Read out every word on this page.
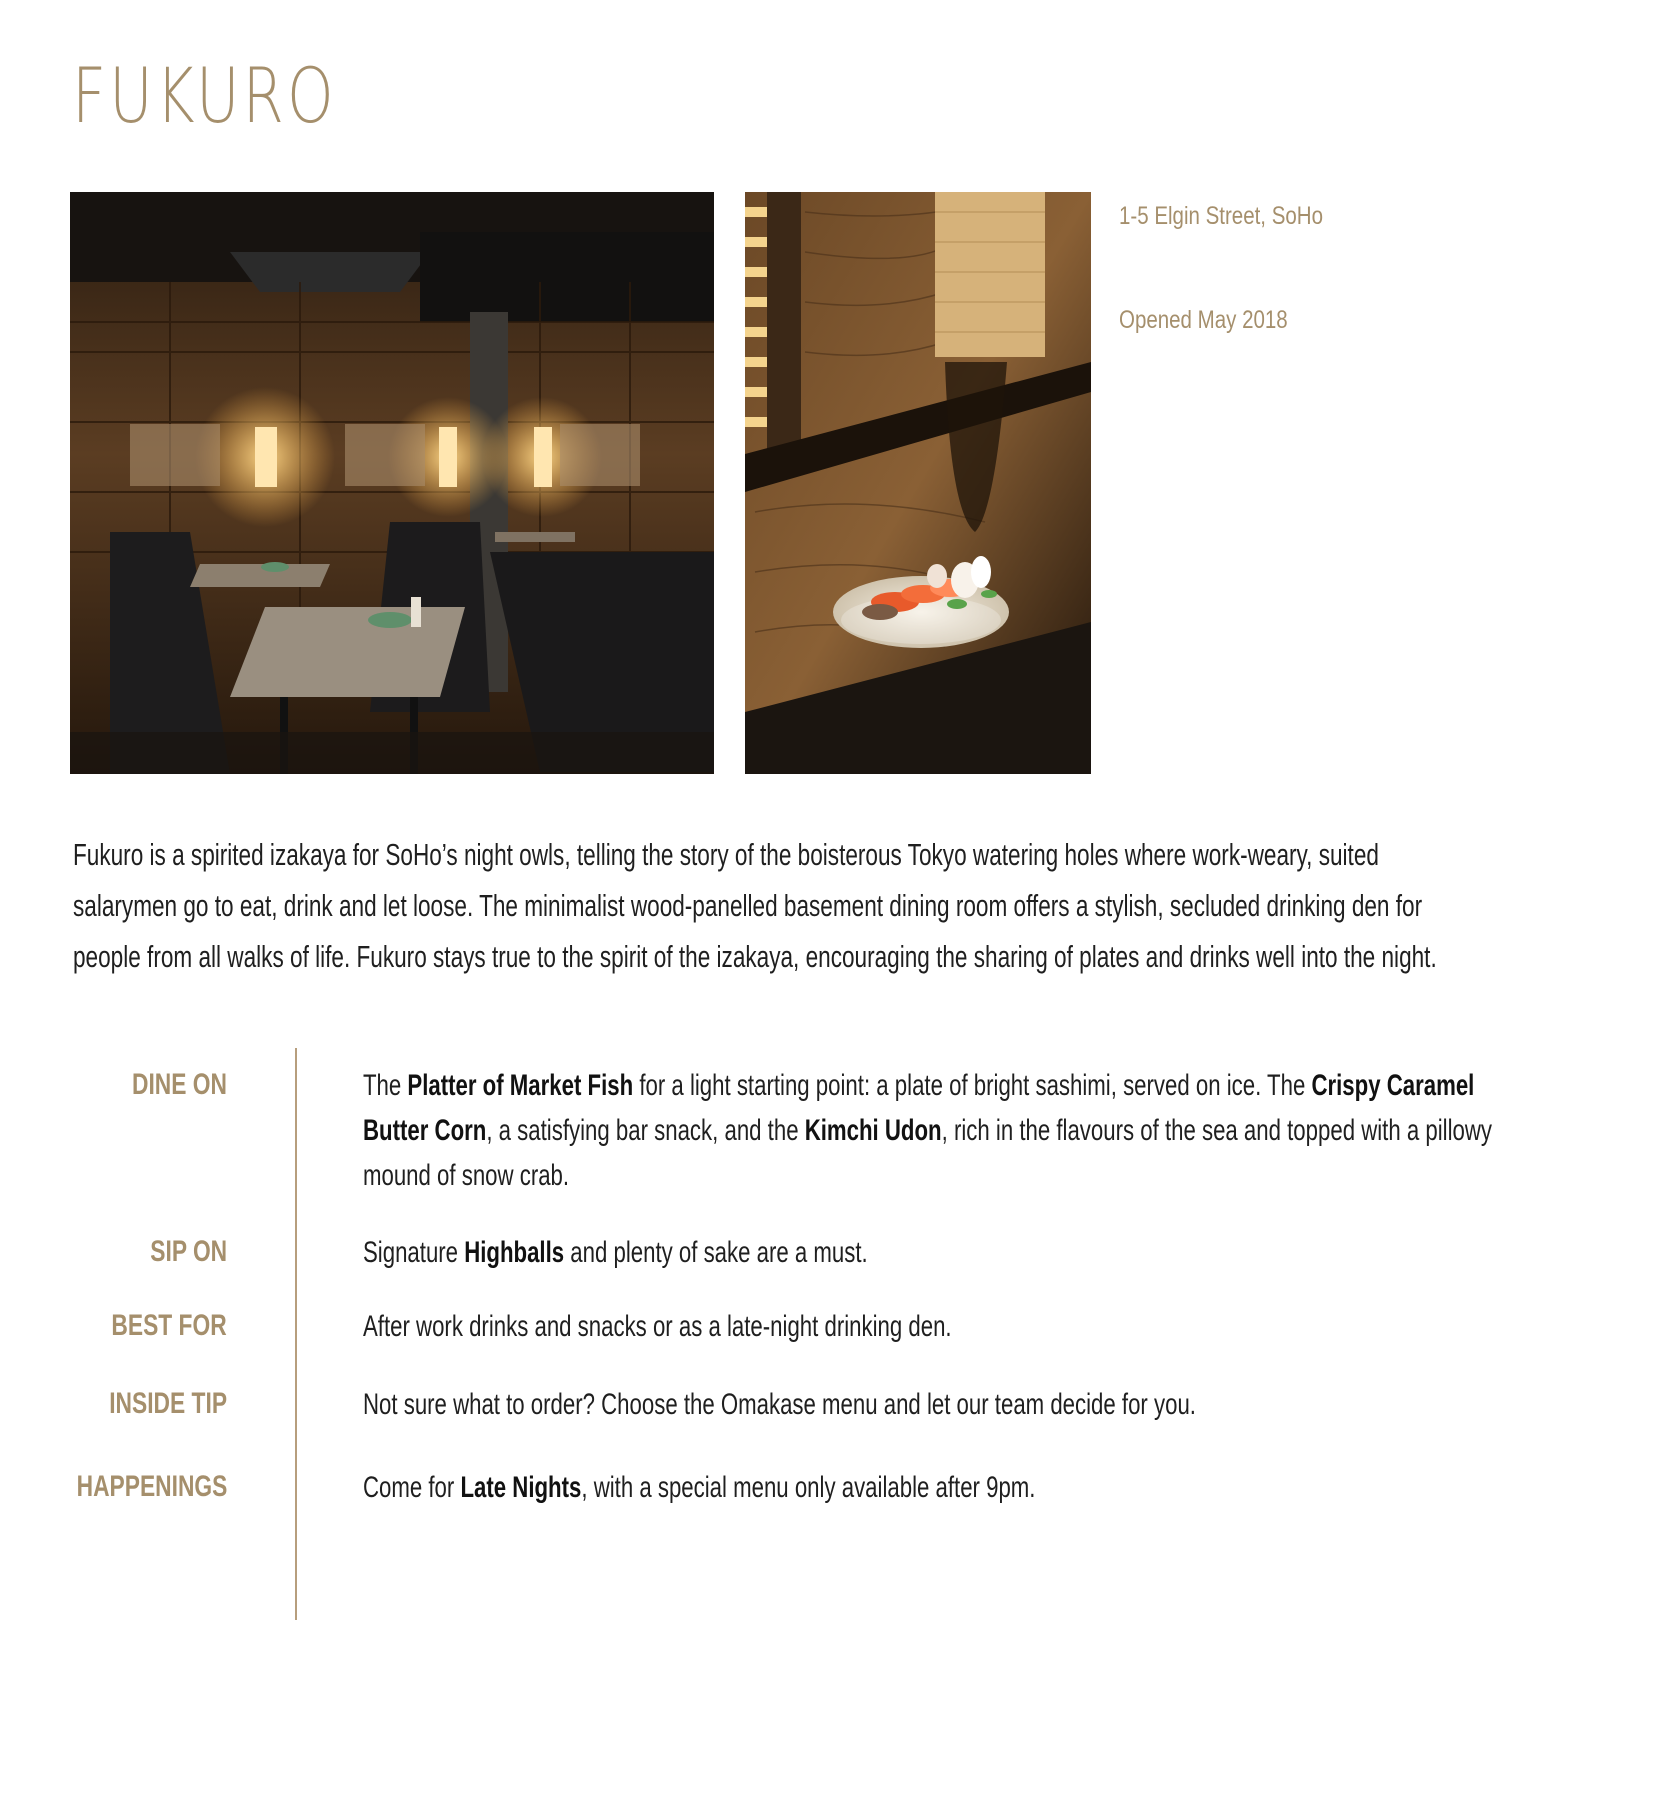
FUKURO
1-5 Elgin Street, SoHo
Opened May 2018

Fukuro is a spirited izakaya for SoHo’s night owls, telling the story of the boisterous Tokyo watering holes where work-weary, suited salarymen go to eat, drink and let loose. The minimalist wood-panelled basement dining room offers a stylish, secluded drinking den for people from all walks of life. Fukuro stays true to the spirit of the izakaya, encouraging the sharing of plates and drinks well into the night.

DINE ON	The Platter of Market Fish for a light starting point: a plate of bright sashimi, served on ice. The Crispy Caramel Butter Corn, a satisfying bar snack, and the Kimchi Udon, rich in the flavours of the sea and topped with a pillowy mound of snow crab.
SIP ON	Signature Highballs and plenty of sake are a must.
BEST FOR	After work drinks and snacks or as a late-night drinking den.
INSIDE TIP	Not sure what to order? Choose the Omakase menu and let our team decide for you.
HAPPENINGS	Come for Late Nights, with a special menu only available after 9pm.
